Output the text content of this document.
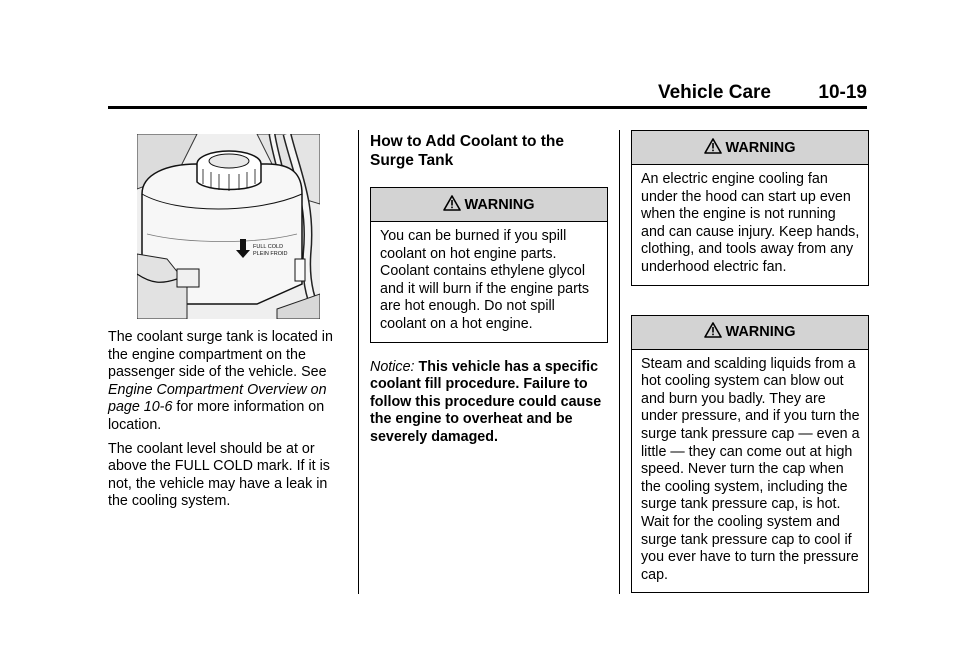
Vehicle Care 10-19
FULL COLD
PLEIN FROID

The coolant surge tank is located in the engine compartment on the passenger side of the vehicle. See Engine Compartment Overview on page 10-6 for more information on location.

The coolant level should be at or above the FULL COLD mark. If it is not, the vehicle may have a leak in the cooling system.

How to Add Coolant to the Surge Tank
WARNING
You can be burned if you spill coolant on hot engine parts. Coolant contains ethylene glycol and it will burn if the engine parts are hot enough. Do not spill coolant on a hot engine.
Notice: This vehicle has a specific coolant fill procedure. Failure to follow this procedure could cause the engine to overheat and be severely damaged.
WARNING
An electric engine cooling fan under the hood can start up even when the engine is not running and can cause injury. Keep hands, clothing, and tools away from any underhood electric fan.
WARNING
Steam and scalding liquids from a hot cooling system can blow out and burn you badly. They are under pressure, and if you turn the surge tank pressure cap — even a little — they can come out at high speed. Never turn the cap when the cooling system, including the surge tank pressure cap, is hot. Wait for the cooling system and surge tank pressure cap to cool if you ever have to turn the pressure cap.
